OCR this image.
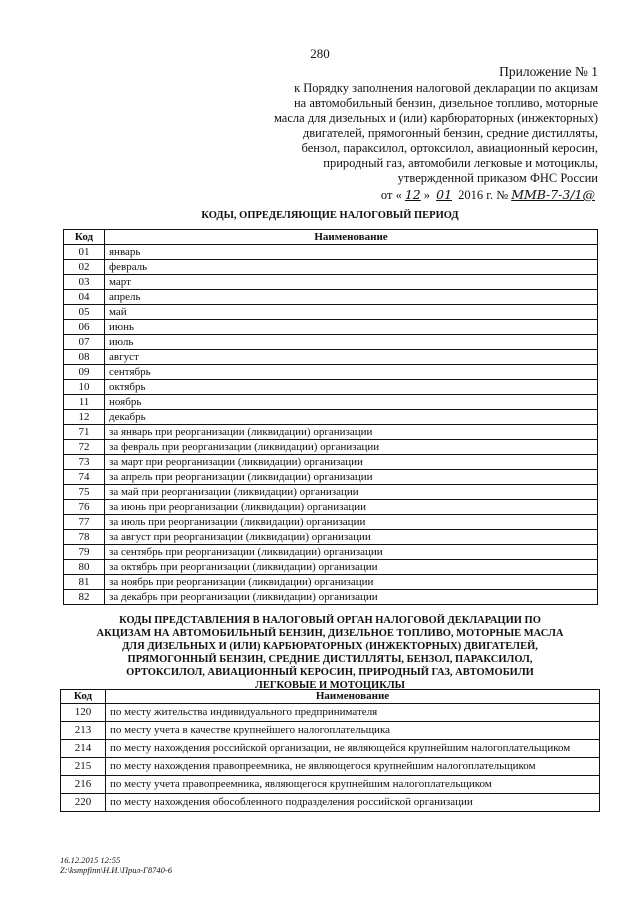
280
Приложение № 1
к Порядку заполнения налоговой декларации по акцизам
на автомобильный бензин, дизельное топливо, моторные
масла для дизельных и (или) карбюраторных (инжекторных)
двигателей, прямогонный бензин, средние дистилляты,
бензол, параксилол, ортоксилол, авиационный керосин,
природный газ, автомобили легковые и мотоциклы,
утвержденной приказом ФНС России
от « 12 » 01 2016 г. № ММВ-7-3/1@
КОДЫ, ОПРЕДЕЛЯЮЩИЕ НАЛОГОВЫЙ ПЕРИОД
Код	Наименование
01	январь
02	февраль
03	март
04	апрель
05	май
06	июнь
07	июль
08	август
09	сентябрь
10	октябрь
11	ноябрь
12	декабрь
71	за январь при реорганизации (ликвидации) организации
72	за февраль при реорганизации (ликвидации) организации
73	за март при реорганизации (ликвидации) организации
74	за апрель при реорганизации (ликвидации) организации
75	за май при реорганизации (ликвидации) организации
76	за июнь при реорганизации (ликвидации) организации
77	за июль при реорганизации (ликвидации) организации
78	за август при реорганизации (ликвидации) организации
79	за сентябрь при реорганизации (ликвидации) организации
80	за октябрь при реорганизации (ликвидации) организации
81	за ноябрь при реорганизации (ликвидации) организации
82	за декабрь при реорганизации (ликвидации) организации
КОДЫ ПРЕДСТАВЛЕНИЯ В НАЛОГОВЫЙ ОРГАН НАЛОГОВОЙ ДЕКЛАРАЦИИ ПО
АКЦИЗАМ НА АВТОМОБИЛЬНЫЙ БЕНЗИН, ДИЗЕЛЬНОЕ ТОПЛИВО, МОТОРНЫЕ МАСЛА
ДЛЯ ДИЗЕЛЬНЫХ И (ИЛИ) КАРБЮРАТОРНЫХ (ИНЖЕКТОРНЫХ) ДВИГАТЕЛЕЙ,
ПРЯМОГОННЫЙ БЕНЗИН, СРЕДНИЕ ДИСТИЛЛЯТЫ, БЕНЗОЛ, ПАРАКСИЛОЛ,
ОРТОКСИЛОЛ, АВИАЦИОННЫЙ КЕРОСИН, ПРИРОДНЫЙ ГАЗ, АВТОМОБИЛИ
ЛЕГКОВЫЕ И МОТОЦИКЛЫ
Код	Наименование
120	по месту жительства индивидуального предпринимателя
213	по месту учета в качестве крупнейшего налогоплательщика
214	по месту нахождения российской организации, не являющейся крупнейшим налогоплательщиком
215	по месту нахождения правопреемника, не являющегося крупнейшим налогоплательщиком
216	по месту учета правопреемника, являющегося крупнейшим налогоплательщиком
220	по месту нахождения обособленного подразделения российской организации
16.12.2015 12:55
Z:\ksmpfinn\Н.И.\Прил-Г8740-6
